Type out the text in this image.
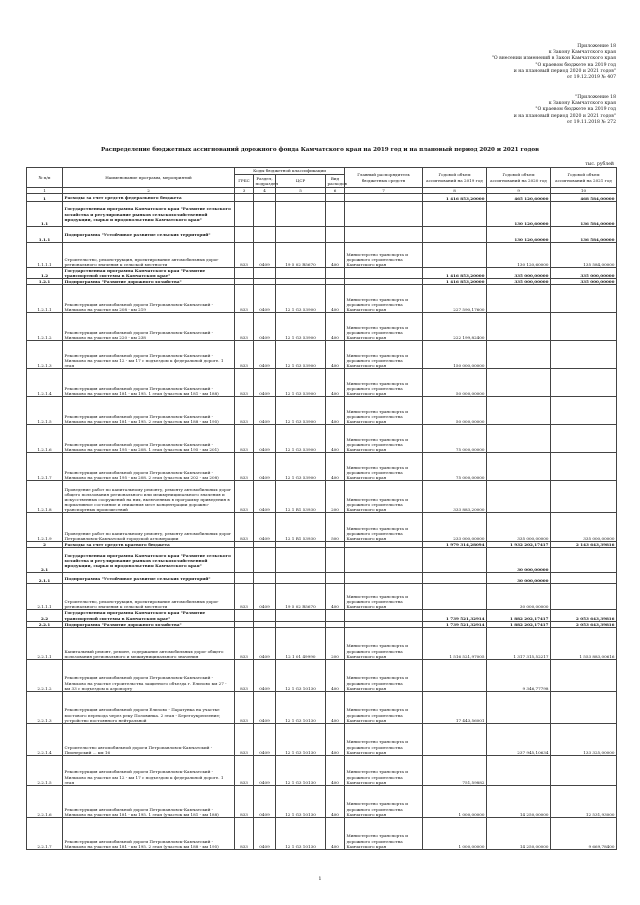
Приложение 18
к Закону Камчатского края
"О внесении изменений в Закон Камчатского края
"О краевом бюджете на 2019 год
и на плановый период 2020 и 2021 годов"
от 19.12.2019 № 407
"Приложение 18
к Закону Камчатского края
"О краевом бюджете на 2019 год
и на плановый период 2020 и 2021 годов"
от 19.11.2018 № 272
Распределение бюджетных ассигнований дорожного фонда Камчатского края на 2019 год и на плановый период 2020 и 2021 годов
тыс. рублей
№ п/п	Наименование программ, мероприятий	Коды бюджетной классификации				Главный распорядитель бюджетных средств	Годовой объем ассигнований на 2019 год	Годовой объем ассигнований на 2020 год	Годовой объем ассигнований на 2021 год
		ГРБС	Раздел, подраздел	ЦСР	Вид расходов				
1	2	3	4	5	6	7	8	9	10
1	Расходы за счет средств федерального бюджета						1 416 853,20000	465 120,60000	468 584,00000
1.1	Государственная программа Камчатского края "Развитие сельского хозяйства и регулирование рынков сельскохозяйственной продукции, сырья и продовольствия Камчатского края"							130 120,60000	136 584,00000
1.1.1	Подпрограмма "Устойчивое развитие сельских территорий"							130 120,60000	136 584,00000
1.1.1.1	Строительство, реконструкция, проектирование автомобильных дорог регионального значения к сельской местности	833	0409	19 5 02 R5670	400	Министерство транспорта и дорожного строительства Камчатского края		130 120,60000	135 584,00000
1.2	Государственная программа Камчатского края "Развитие транспортной системы в Камчатском крае"						1 416 853,20000	335 000,00000	335 000,00000
1.2.1	Подпрограмма "Развитие дорожного хозяйства"						1 416 853,20000	335 000,00000	335 000,00000
1.2.1.1	Реконструкция автомобильной дороги Петропавловск-Камчатский - Мильково на участке км 208 - км 219	833	0409	12 1 G3 53900	400	Министерство транспорта и дорожного строительства Камчатского края	227 590,17600		
1.2.1.2	Реконструкция автомобильной дороги Петропавловск-Камчатский - Мильково на участке км 220 - км 238	833	0409	12 1 G3 53900	400	Министерство транспорта и дорожного строительства Камчатского края	222 199,82400		
1.2.1.3	Реконструкция автомобильной дороги Петропавловск-Камчатский - Мильково на участке км 12 - км 17 с подъездом к федеральной дороге. 1 этап	833	0409	12 1 G3 53900	400	Министерство транспорта и дорожного строительства Камчатского края	150 000,00000		
1.2.1.4	Реконструкция автомобильной дороги Петропавловск-Камчатский - Мильково на участке км 181 - км 195. 1 этап (участок км 181 - км 188)	833	0409	12 1 G3 53900	400	Министерство транспорта и дорожного строительства Камчатского края	50 000,00000		
1.2.1.5	Реконструкция автомобильной дороги Петропавловск-Камчатский - Мильково на участке км 181 - км 195. 2 этап (участок км 188 - км 195)	833	0409	12 1 G3 53900	400	Министерство транспорта и дорожного строительства Камчатского края	50 000,00000		
1.2.1.6	Реконструкция автомобильной дороги Петропавловск-Камчатский - Мильково на участке км 195 - км 208. 1 этап (участок км 195 - км 201)	833	0409	12 1 G3 53900	400	Министерство транспорта и дорожного строительства Камчатского края	75 000,00000		
1.2.1.7	Реконструкция автомобильной дороги Петропавловск-Камчатский - Мильково на участке км 195 - км 208. 2 этап (участок км 202 - км 208)	833	0409	12 1 G3 53900	400	Министерство транспорта и дорожного строительства Камчатского края	75 000,00000		
1.2.1.8	Проведение работ по капитальному ремонту, ремонту автомобильных дорог общего пользования регионального или межмуниципального значения и искусственных сооружений на них, включенных в программу приведения в нормативное состояние и снижения мест концентрации дорожно-транспортных происшествий	833	0409	12 1 R1 53930	200	Министерство транспорта и дорожного строительства Камчатского края	333 883,20000		
1.2.1.9	Проведение работ по капитальному ремонту, ремонту автомобильных дорог Петропавловск-Камчатской городской агломерации	833	0409	12 1 R1 53930	500	Министерство транспорта и дорожного строительства Камчатского края	233 000,00000	335 000,00000	335 000,00000
2	Расходы за счет средств краевого бюджета						1 979 314,28094	1 932 202,17417	2 143 643,39816
2.1	Государственная программа Камчатского края "Развитие сельского хозяйства и регулирование рынков сельскохозяйственной продукции, сырья и продовольствия Камчатского края"							30 000,00000	
2.1.1	Подпрограмма "Устойчивое развитие сельских территорий"							30 000,00000	
2.1.1.1	Строительство, реконструкция, проектирование автомобильных дорог регионального значения к сельской местности	833	0409	19 5 02 R5670	400	Министерство транспорта и дорожного строительства Камчатского края		30 000,00000	
2.2	Государственная программа Камчатского края "Развитие транспортной системы в Камчатском крае"						1 739 521,32914	1 882 202,17417	2 053 643,39816
2.2.1	Подпрограмма "Развитие дорожного хозяйства"						1 739 521,32914	1 882 202,17417	2 053 643,39816
2.2.1.1	Капитальный ремонт, ремонт, содержание автомобильных дорог общего пользования регионального и межмуниципального значения	833	0409	12 1 01 49990	200	Министерство транспорта и дорожного строительства Камчатского края	1 516 521,97005	1 317 315,52217	1 553 883,00616
2.2.1.2	Реконструкция автомобильной дороги Петропавловск-Камчатский - Мильково на участке строительства защитного объезда г. Елизово км 27 - км 33 с подъездом к аэропорту	833	0409	12 1 G3 10130	400	Министерство транспорта и дорожного строительства Камчатского края		9 346,77798	
2.2.1.3	Реконструкция автомобильной дороги Елизово - Паратунка на участке мостового перехода через реку Половинка. 2 этап - Берегоукрепление; устройство постоянного нейтральной	833	0409	12 1 G3 10130	400	Министерство транспорта и дорожного строительства Камчатского края	17 443,56001		
2.2.1.4	Строительство автомобильной дороги Петропавловск-Камчатский - Пионерский ... км 16	833	0409	12 1 G3 10130	400	Министерство транспорта и дорожного строительства Камчатского края		237 945,10634	133 325,00000
2.2.1.5	Реконструкция автомобильной дороги Петропавловск-Камчатский - Мильково на участке км 12 - км 17 с подъездом к федеральной дороге. 1 этап	833	0409	12 1 G3 10130	400	Министерство транспорта и дорожного строительства Камчатского края	751,59882		
2.2.1.6	Реконструкция автомобильной дороги Петропавловск-Камчатский - Мильково на участке км 181 - км 195. 1 этап (участок км 181 - км 188)	833	0409	12 1 G3 10130	400	Министерство транспорта и дорожного строительства Камчатского края	1 000,00000	14 250,00000	12 531,93000
2.2.1.7	Реконструкция автомобильной дороги Петропавловск-Камчатский - Мильково на участке км 181 - км 195. 2 этап (участок км 188 - км 195)	833	0409	12 1 G3 10130	400	Министерство транспорта и дорожного строительства Камчатского края	1 000,00000	14 250,00000	9 669,78400
1
